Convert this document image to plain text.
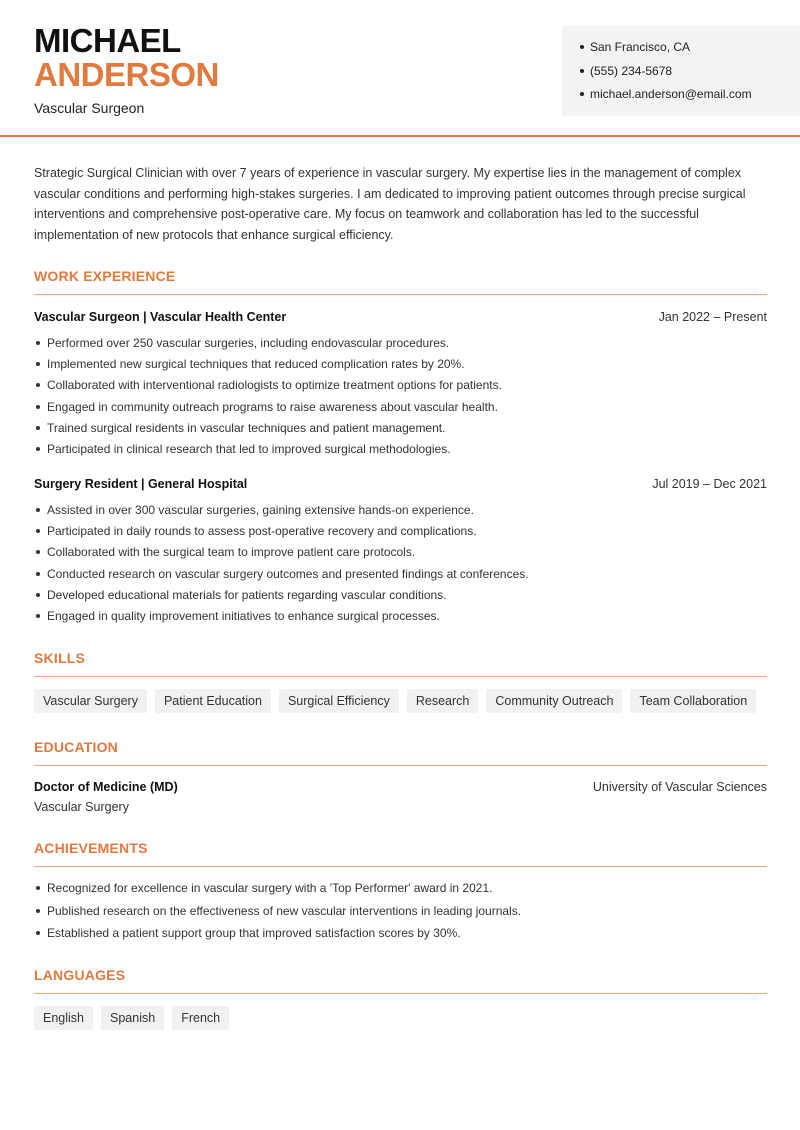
MICHAEL
ANDERSON
Vascular Surgeon
San Francisco, CA
(555) 234-5678
michael.anderson@email.com

Strategic Surgical Clinician with over 7 years of experience in vascular surgery. My expertise lies in the management of complex vascular conditions and performing high-stakes surgeries. I am dedicated to improving patient outcomes through precise surgical interventions and comprehensive post-operative care. My focus on teamwork and collaboration has led to the successful implementation of new protocols that enhance surgical efficiency.

WORK EXPERIENCE
Vascular Surgeon | Vascular Health Center	Jan 2022 – Present
Performed over 250 vascular surgeries, including endovascular procedures.
Implemented new surgical techniques that reduced complication rates by 20%.
Collaborated with interventional radiologists to optimize treatment options for patients.
Engaged in community outreach programs to raise awareness about vascular health.
Trained surgical residents in vascular techniques and patient management.
Participated in clinical research that led to improved surgical methodologies.
Surgery Resident | General Hospital	Jul 2019 – Dec 2021
Assisted in over 300 vascular surgeries, gaining extensive hands-on experience.
Participated in daily rounds to assess post-operative recovery and complications.
Collaborated with the surgical team to improve patient care protocols.
Conducted research on vascular surgery outcomes and presented findings at conferences.
Developed educational materials for patients regarding vascular conditions.
Engaged in quality improvement initiatives to enhance surgical processes.
SKILLS
Vascular Surgery	Patient Education	Surgical Efficiency	Research	Community Outreach	Team Collaboration
EDUCATION
Doctor of Medicine (MD)	University of Vascular Sciences
Vascular Surgery
ACHIEVEMENTS
Recognized for excellence in vascular surgery with a 'Top Performer' award in 2021.
Published research on the effectiveness of new vascular interventions in leading journals.
Established a patient support group that improved satisfaction scores by 30%.
LANGUAGES
English	Spanish	French
